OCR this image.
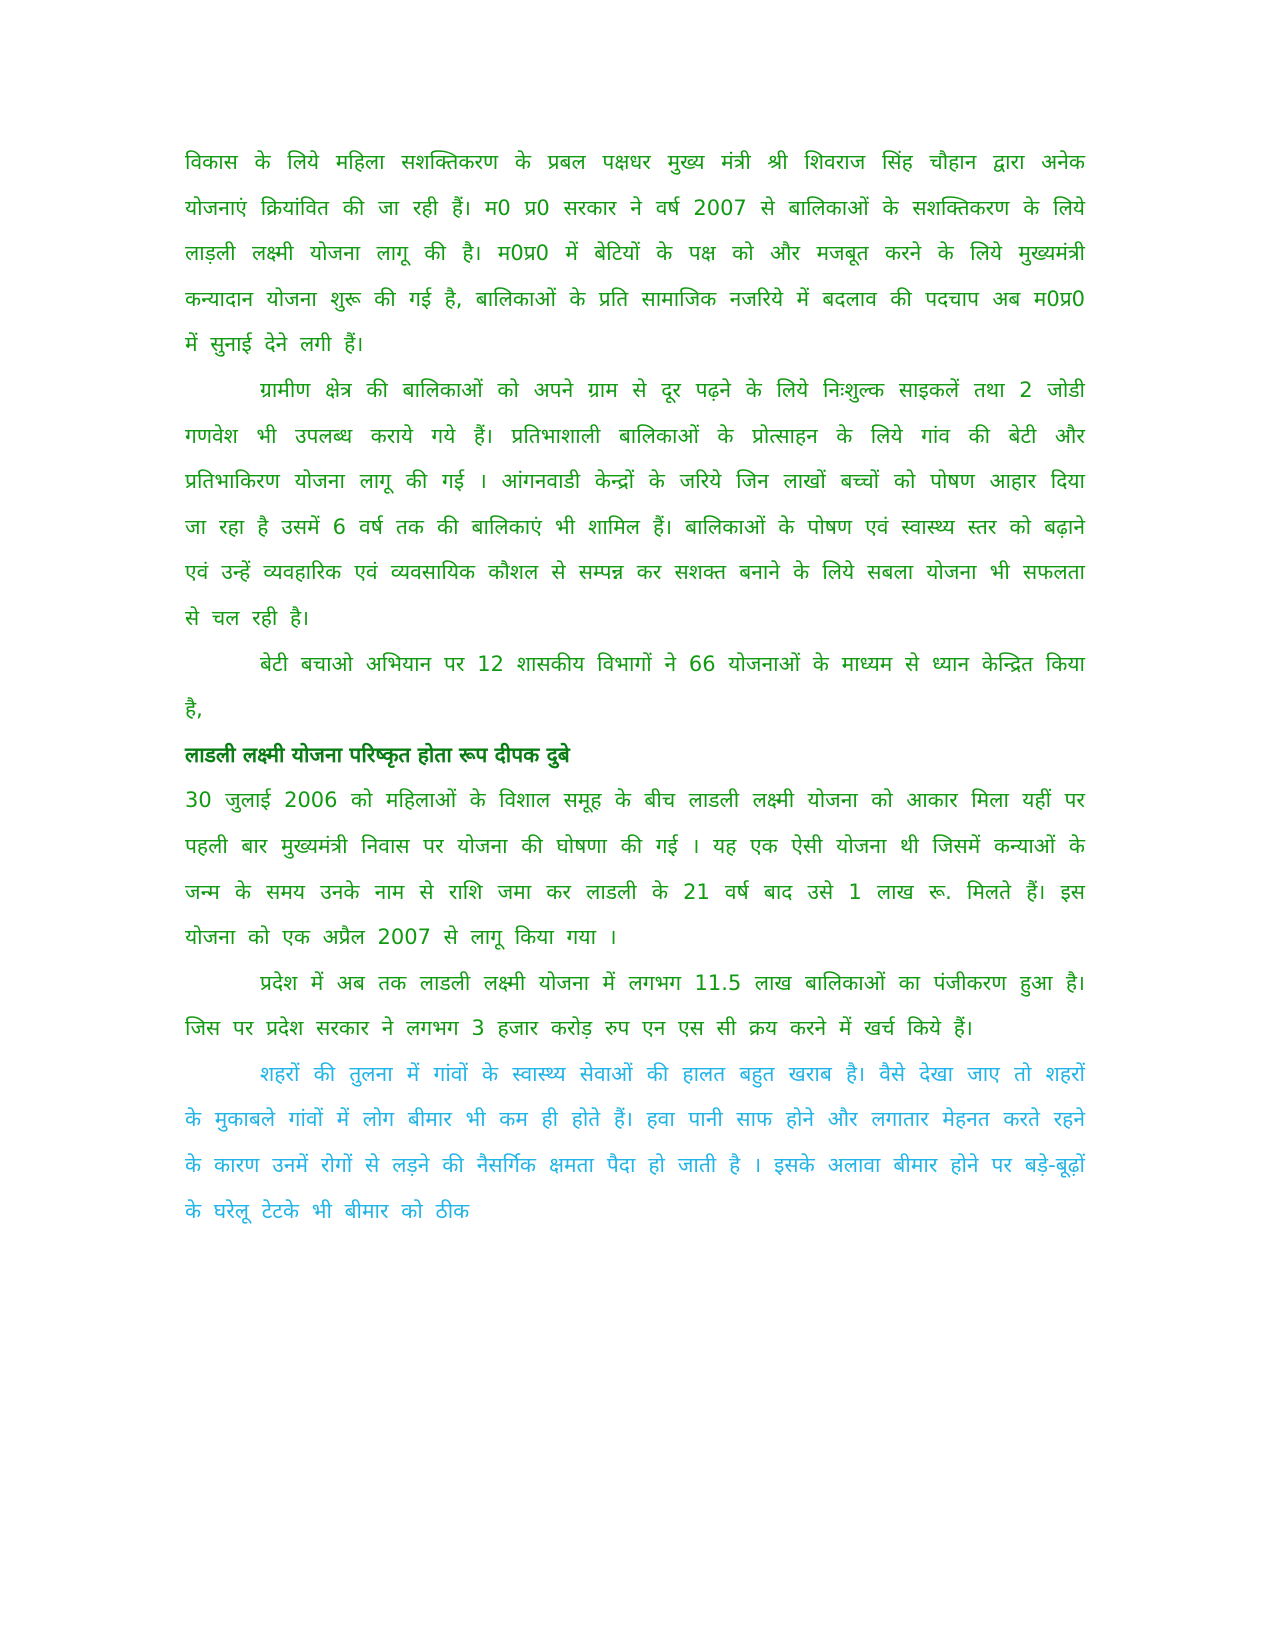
विकास के लिये महिला सशक्तिकरण के प्रबल पक्षधर मुख्य मंत्री श्री शिवराज सिंह चौहान द्वारा अनेक योजनाएं क्रियांवित की जा रही हैं। म0 प्र0 सरकार ने वर्ष 2007 से बालिकाओं के सशक्तिकरण के लिये लाड़ली लक्ष्मी योजना लागू की है। म0प्र0 में बेटियों के पक्ष को और मजबूत करने के लिये मुख्यमंत्री कन्यादान योजना शुरू की गई है, बालिकाओं के प्रति सामाजिक नजरिये में बदलाव की पदचाप अब म0प्र0 में सुनाई देने लगी हैं।

ग्रामीण क्षेत्र की बालिकाओं को अपने ग्राम से दूर पढ़ने के लिये निःशुल्क साइकलें तथा 2 जोडी गणवेश भी उपलब्ध कराये गये हैं। प्रतिभाशाली बालिकाओं के प्रोत्साहन के लिये गांव की बेटी और प्रतिभाकिरण योजना लागू की गई । आंगनवाडी केन्द्रों के जरिये जिन लाखों बच्चों को पोषण आहार दिया जा रहा है उसमें 6 वर्ष तक की बालिकाएं भी शामिल हैं। बालिकाओं के पोषण एवं स्वास्थ्य स्तर को बढ़ाने एवं उन्हें व्यवहारिक एवं व्यवसायिक कौशल से सम्पन्न कर सशक्त बनाने के लिये सबला योजना भी सफलता से चल रही है।

बेटी बचाओ अभियान पर 12 शासकीय विभागों ने 66 योजनाओं के माध्यम से ध्यान केन्द्रित किया है,

लाडली लक्ष्मी योजना परिष्कृत होता रूप दीपक दुबे

30 जुलाई 2006 को महिलाओं के विशाल समूह के बीच लाडली लक्ष्मी योजना को आकार मिला यहीं पर पहली बार मुख्यमंत्री निवास पर योजना की घोषणा की गई । यह एक ऐसी योजना थी जिसमें कन्याओं के जन्म के समय उनके नाम से राशि जमा कर लाडली के 21 वर्ष बाद उसे 1 लाख रू. मिलते हैं। इस योजना को एक अप्रैल 2007 से लागू किया गया ।

प्रदेश में अब तक लाडली लक्ष्मी योजना में लगभग 11.5 लाख बालिकाओं का पंजीकरण हुआ है। जिस पर प्रदेश सरकार ने लगभग 3 हजार करोड़ रुप एन एस सी क्रय करने में खर्च किये हैं।

शहरों की तुलना में गांवों के स्वास्थ्य सेवाओं की हालत बहुत खराब है। वैसे देखा जाए तो शहरों के मुकाबले गांवों में लोग बीमार भी कम ही होते हैं। हवा पानी साफ होने और लगातार मेहनत करते रहने के कारण उनमें रोगों से लड़ने की नैसर्गिक क्षमता पैदा हो जाती है । इसके अलावा बीमार होने पर बड़े-बूढ़ों के घरेलू टेटके भी बीमार को ठीक
